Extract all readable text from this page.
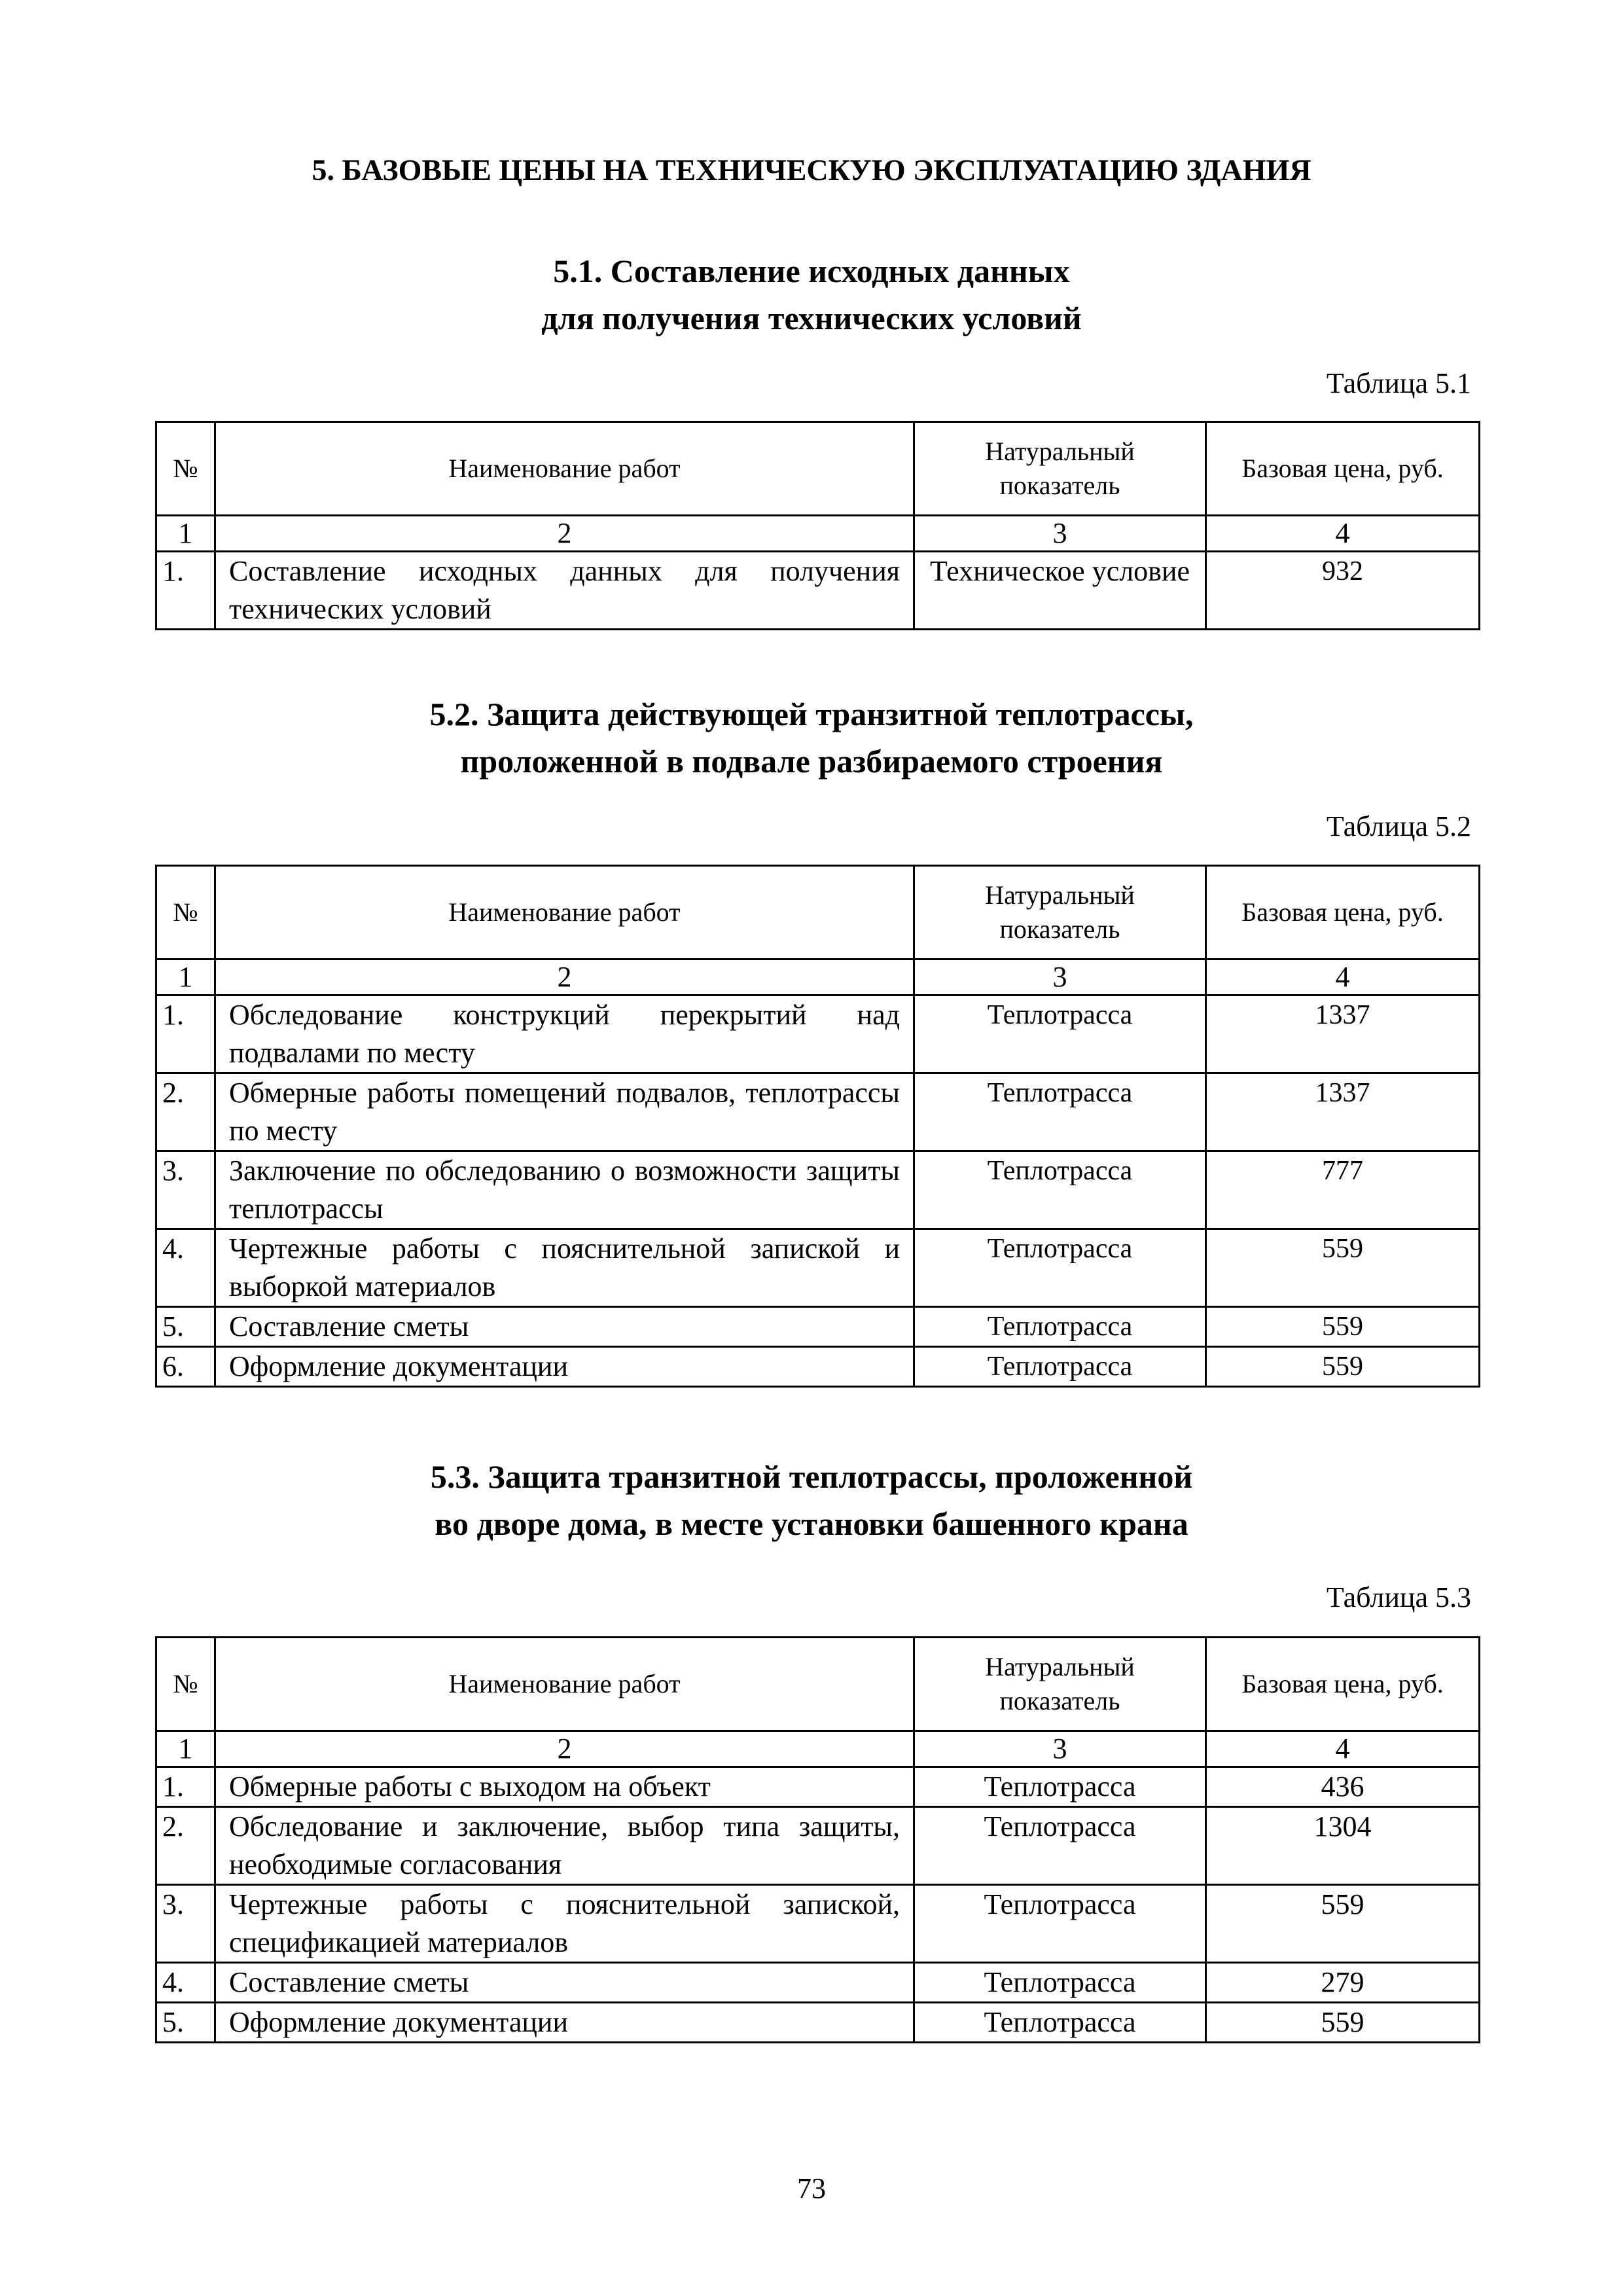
5. БАЗОВЫЕ ЦЕНЫ НА ТЕХНИЧЕСКУЮ ЭКСПЛУАТАЦИЮ ЗДАНИЯ
5.1. Составление исходных данных
для получения технических условий
Таблица 5.1
№	Наименование работ	Натуральный показатель	Базовая цена, руб.
1	2	3	4
1.	Составление исходных данных для получения технических условий	Техническое условие	932
5.2. Защита действующей транзитной теплотрассы,
проложенной в подвале разбираемого строения
Таблица 5.2
№	Наименование работ	Натуральный показатель	Базовая цена, руб.
1	2	3	4
1.	Обследование конструкций перекрытий над подвалами по месту	Теплотрасса	1337
2.	Обмерные работы помещений подвалов, теплотрассы по месту	Теплотрасса	1337
3.	Заключение по обследованию о возможности защиты теплотрассы	Теплотрасса	777
4.	Чертежные работы с пояснительной запиской и выборкой материалов	Теплотрасса	559
5.	Составление сметы	Теплотрасса	559
6.	Оформление документации	Теплотрасса	559
5.3. Защита транзитной теплотрассы, проложенной
во дворе дома, в месте установки башенного крана
Таблица 5.3
№	Наименование работ	Натуральный показатель	Базовая цена, руб.
1	2	3	4
1.	Обмерные работы с выходом на объект	Теплотрасса	436
2.	Обследование и заключение, выбор типа защиты, необходимые согласования	Теплотрасса	1304
3.	Чертежные работы с пояснительной запиской, спецификацией материалов	Теплотрасса	559
4.	Составление сметы	Теплотрасса	279
5.	Оформление документации	Теплотрасса	559
73
